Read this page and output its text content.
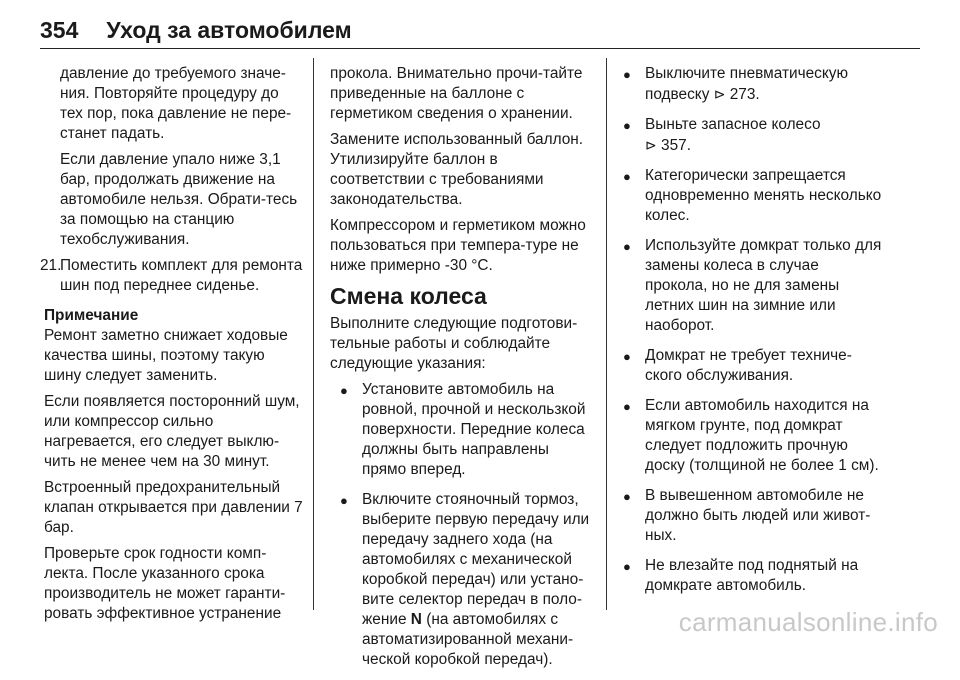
354 Уход за автомобилем

давление до требуемого значе-ния. Повторяйте процедуру до тех пор, пока давление не пере-станет падать.

Если давление упало ниже 3,1 бар, продолжать движение на автомобиле нельзя. Обрати-тесь за помощью на станцию техобслуживания.

21.
Поместить комплект для ремонта шин под переднее сиденье.
Примечание

Ремонт заметно снижает ходовые качества шины, поэтому такую шину следует заменить.

Если появляется посторонний шум, или компрессор сильно нагревается, его следует выклю-чить не менее чем на 30 минут.

Встроенный предохранительный клапан открывается при давлении 7 бар.

Проверьте срок годности комп-лекта. После указанного срока производитель не может гаранти-ровать эффективное устранение

прокола. Внимательно прочи-тайте приведенные на баллоне с герметиком сведения о хранении.

Замените использованный баллон. Утилизируйте баллон в соответствии с требованиями законодательства.

Компрессором и герметиком можно пользоваться при темпера-туре не ниже примерно -30 °C.

Смена колеса

Выполните следующие подготови-тельные работы и соблюдайте следующие указания:

● Установите автомобиль на ровной, прочной и нескользкой поверхности. Передние колеса должны быть направлены прямо вперед.
● Включите стояночный тормоз, выберите первую передачу или передачу заднего хода (на автомобилях с механической коробкой передач) или устано-вите селектор передач в поло-жение N (на автомобилях с автоматизированной механи-ческой коробкой передач).
● Выключите пневматическую подвеску ⊳ 273.
● Выньте запасное колесо
⊳ 357.
● Категорически запрещается одновременно менять несколько колес.
● Используйте домкрат только для замены колеса в случае прокола, но не для замены летних шин на зимние или наоборот.
● Домкрат не требует техниче-ского обслуживания.
● Если автомобиль находится на мягком грунте, под домкрат следует подложить прочную доску (толщиной не более 1 см).
● В вывешенном автомобиле не должно быть людей или живот-ных.
● Не влезайте под поднятый на домкрате автомобиль.
carmanualsonline.info
